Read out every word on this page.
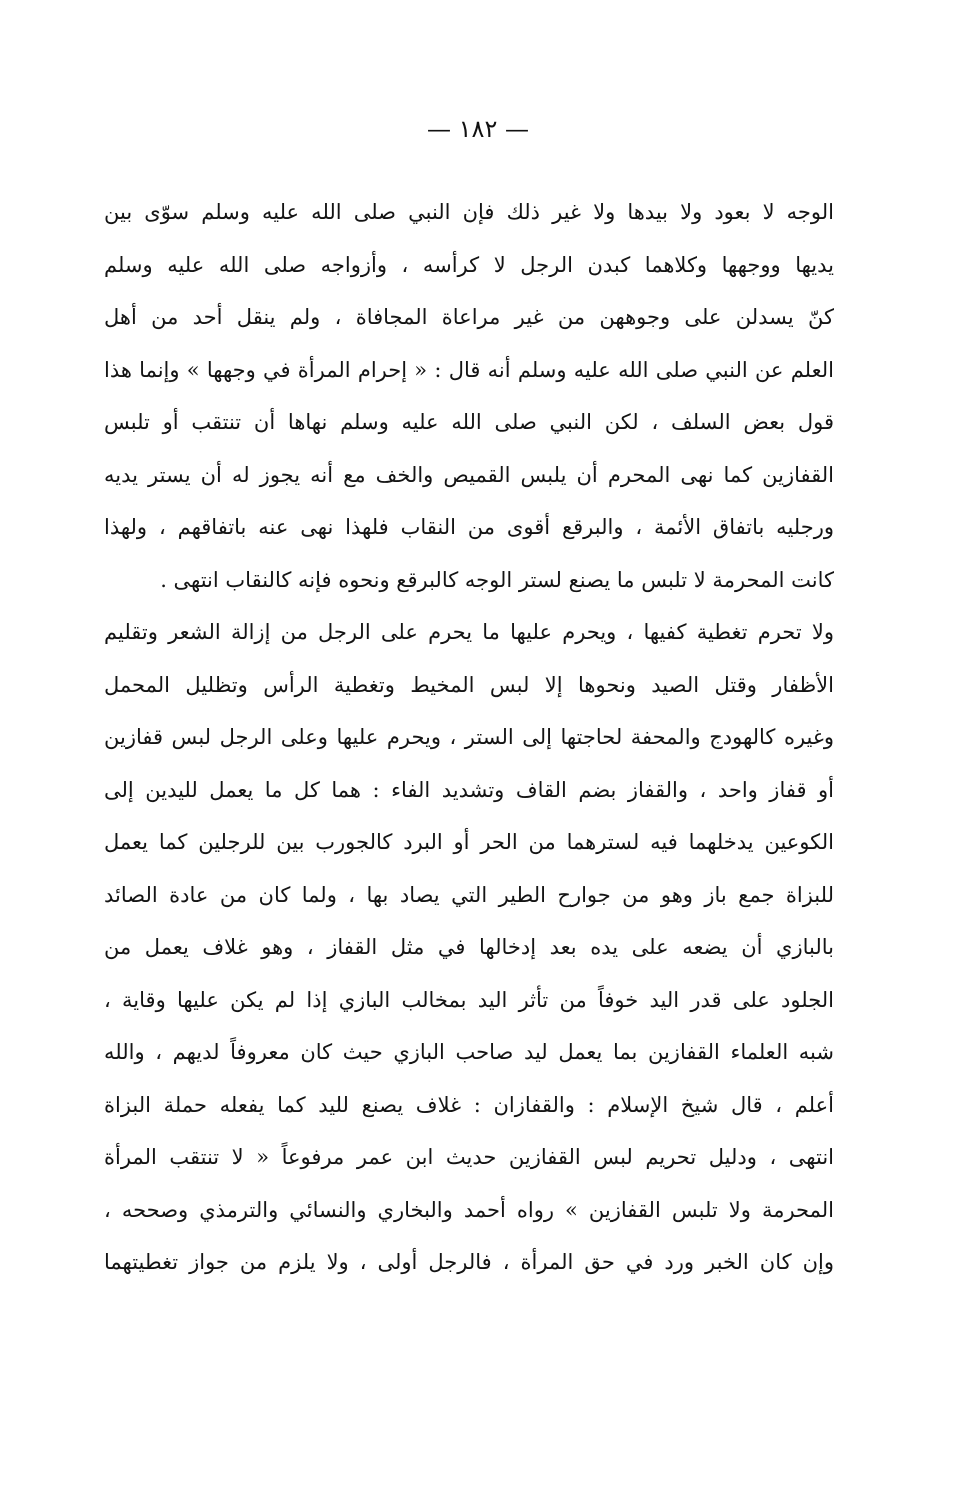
— ١٨٢ —
الوجه لا بعود ولا بيدها ولا غير ذلك فإن النبي صلى الله عليه وسلم سوّى بين
يديها ووجهها وكلاهما كبدن الرجل لا كرأسه ، وأزواجه صلى الله عليه وسلم
كنّ يسدلن على وجوههن من غير مراعاة المجافاة ، ولم ينقل أحد من أهل
العلم عن النبي صلى الله عليه وسلم أنه قال : « إحرام المرأة في وجهها » وإنما هذا
قول بعض السلف ، لكن النبي صلى الله عليه وسلم نهاها أن تنتقب أو تلبس
القفازين كما نهى المحرم أن يلبس القميص والخف مع أنه يجوز له أن يستر يديه
ورجليه باتفاق الأئمة ، والبرقع أقوى من النقاب فلهذا نهى عنه باتفاقهم ، ولهذا
كانت المحرمة لا تلبس ما يصنع لستر الوجه كالبرقع ونحوه فإنه كالنقاب انتهى .
ولا تحرم تغطية كفيها ، ويحرم عليها ما يحرم على الرجل من إزالة الشعر وتقليم
الأظفار وقتل الصيد ونحوها إلا لبس المخيط وتغطية الرأس وتظليل المحمل
وغيره كالهودج والمحفة لحاجتها إلى الستر ، ويحرم عليها وعلى الرجل لبس قفازين
أو قفاز واحد ، والقفاز بضم القاف وتشديد الفاء : هما كل ما يعمل لليدين إلى
الكوعين يدخلهما فيه لسترهما من الحر أو البرد كالجورب بين للرجلين كما يعمل
للبزاة جمع باز وهو من جوارح الطير التي يصاد بها ، ولما كان من عادة الصائد
بالبازي أن يضعه على يده بعد إدخالها في مثل القفاز ، وهو غلاف يعمل من
الجلود على قدر اليد خوفاً من تأثر اليد بمخالب البازي إذا لم يكن عليها وقاية ،
شبه العلماء القفازين بما يعمل ليد صاحب البازي حيث كان معروفاً لديهم ، والله
أعلم ، قال شيخ الإسلام : والقفازان : غلاف يصنع لليد كما يفعله حملة البزاة
انتهى ، ودليل تحريم لبس القفازين حديث ابن عمر مرفوعاً « لا تنتقب المرأة
المحرمة ولا تلبس القفازين » رواه أحمد والبخاري والنسائي والترمذي وصححه ،
وإن كان الخبر ورد في حق المرأة ، فالرجل أولى ، ولا يلزم من جواز تغطيتهما
